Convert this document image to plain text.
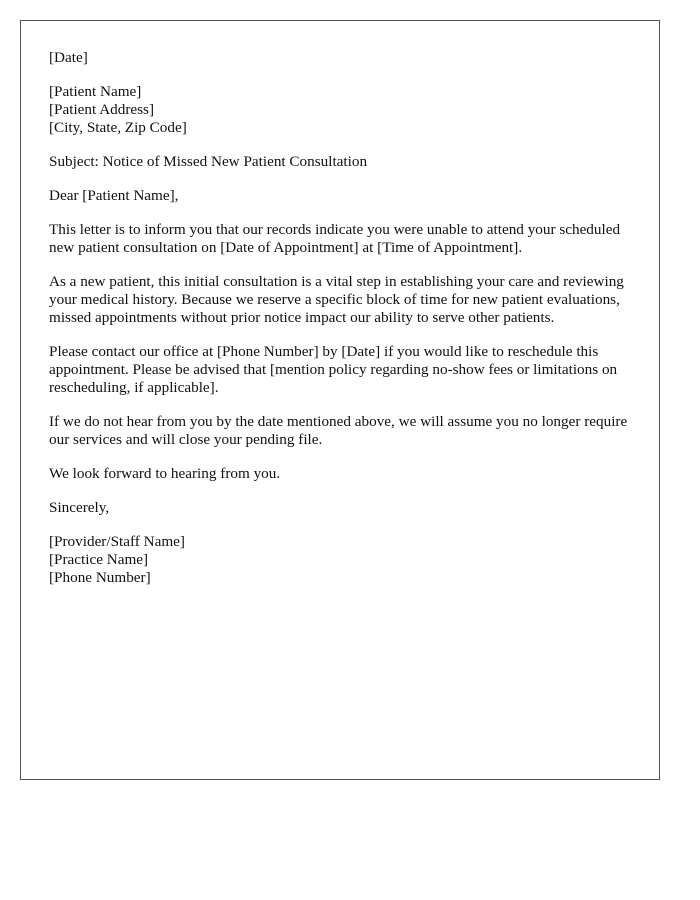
[Date]

[Patient Name]
[Patient Address]
[City, State, Zip Code]

Subject: Notice of Missed New Patient Consultation

Dear [Patient Name],

This letter is to inform you that our records indicate you were unable to attend your scheduled new patient consultation on [Date of Appointment] at [Time of Appointment].

As a new patient, this initial consultation is a vital step in establishing your care and reviewing your medical history. Because we reserve a specific block of time for new patient evaluations, missed appointments without prior notice impact our ability to serve other patients.

Please contact our office at [Phone Number] by [Date] if you would like to reschedule this appointment. Please be advised that [mention policy regarding no-show fees or limitations on rescheduling, if applicable].

If we do not hear from you by the date mentioned above, we will assume you no longer require our services and will close your pending file.

We look forward to hearing from you.

Sincerely,

[Provider/Staff Name]
[Practice Name]
[Phone Number]
